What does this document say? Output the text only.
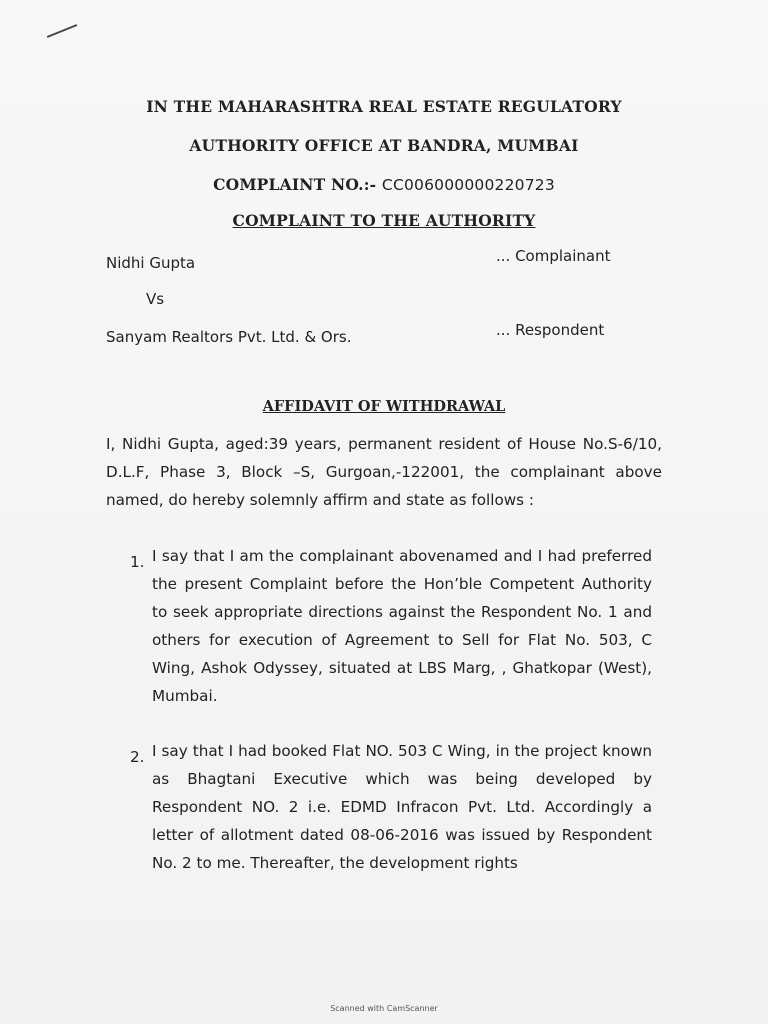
IN THE MAHARASHTRA REAL ESTATE REGULATORY
AUTHORITY OFFICE AT BANDRA, MUMBAI
COMPLAINT NO.:- CC006000000220723
COMPLAINT TO THE AUTHORITY
Nidhi Gupta	... Complainant
Vs
Sanyam Realtors Pvt. Ltd. & Ors.	... Respondent
AFFIDAVIT OF WITHDRAWAL
I, Nidhi Gupta, aged:39 years, permanent resident of House No.S-6/10, D.L.F, Phase 3, Block –S, Gurgoan,-122001, the complainant above named, do hereby solemnly affirm and state as follows :
1. I say that I am the complainant abovenamed and I had preferred the present Complaint before the Hon’ble Competent Authority to seek appropriate directions against the Respondent No. 1 and others for execution of Agreement to Sell for Flat No. 503, C Wing, Ashok Odyssey, situated at LBS Marg, , Ghatkopar (West), Mumbai.
2. I say that I had booked Flat NO. 503 C Wing, in the project known as Bhagtani Executive which was being developed by Respondent NO. 2 i.e. EDMD Infracon Pvt. Ltd. Accordingly a letter of allotment dated 08-06-2016 was issued by Respondent No. 2 to me. Thereafter, the development rights
Scanned with CamScanner
